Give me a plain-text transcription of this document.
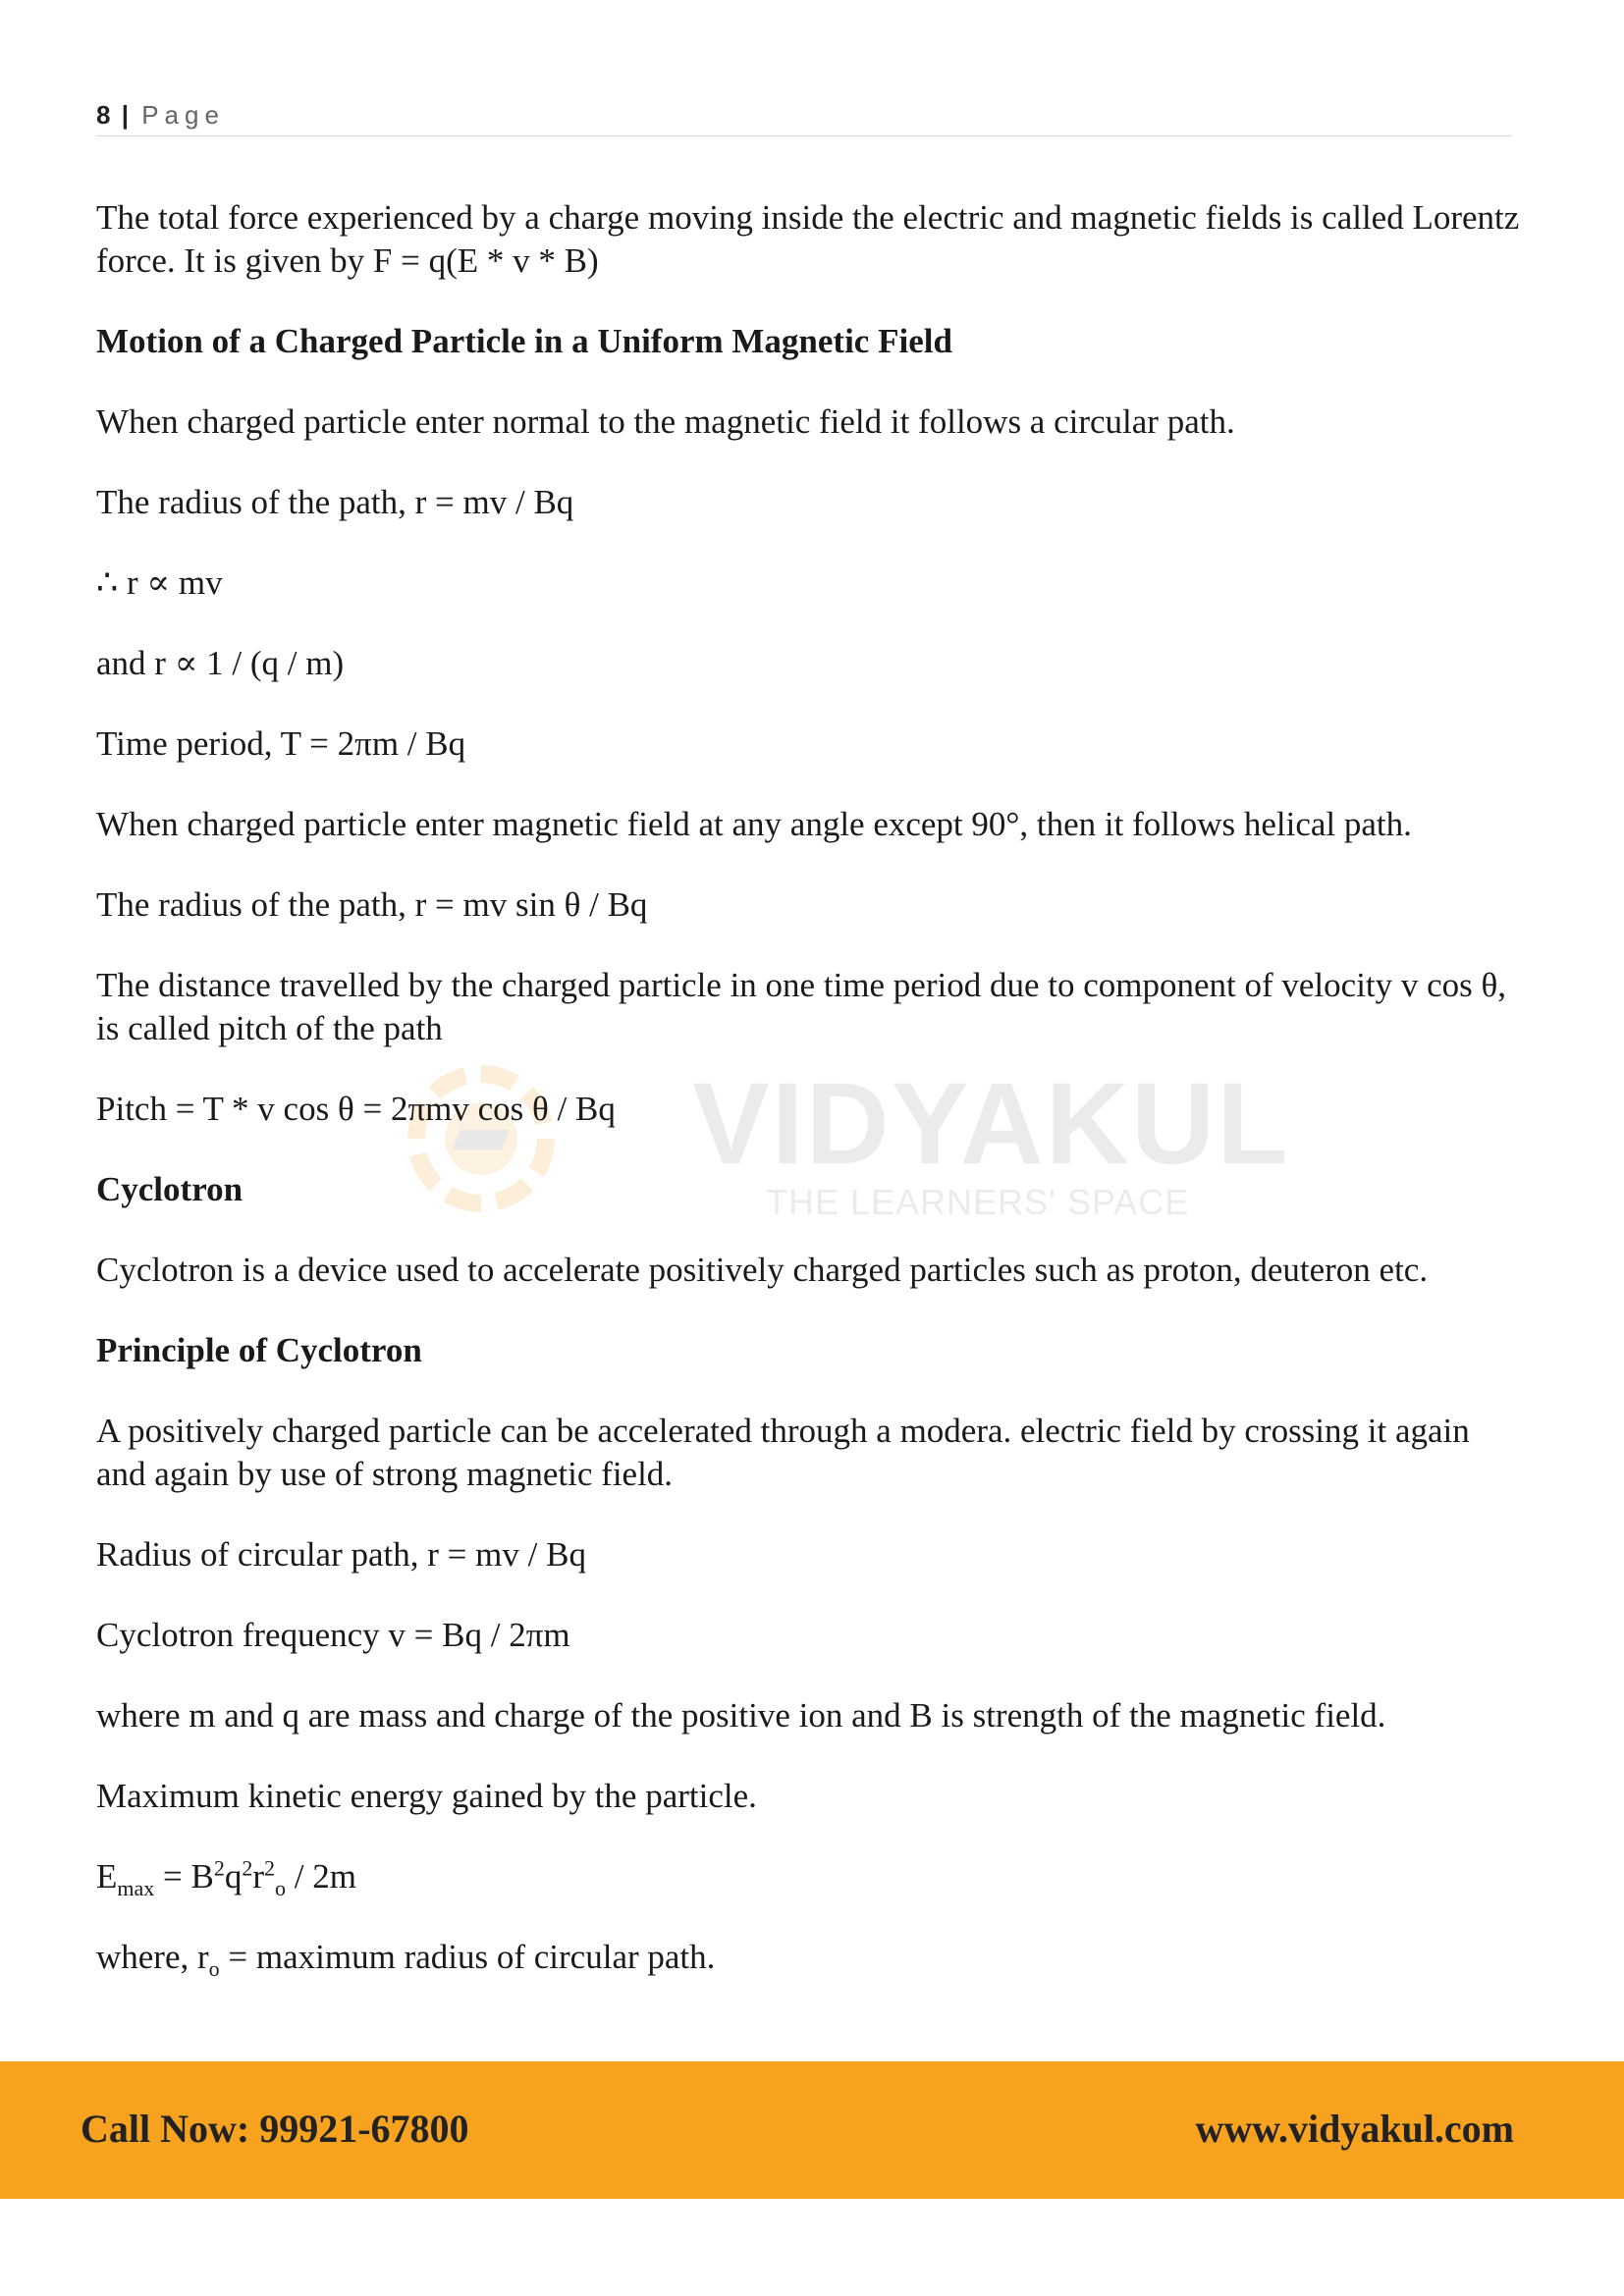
8 | Page
VIDYAKUL
THE LEARNERS' SPACE

The total force experienced by a charge moving inside the electric and magnetic fields is called Lorentz force. It is given by F = q(E * v * B)

Motion of a Charged Particle in a Uniform Magnetic Field

When charged particle enter normal to the magnetic field it follows a circular path.

The radius of the path, r = mv / Bq

∴ r ∝ mv

and r ∝ 1 / (q / m)

Time period, T = 2πm / Bq

When charged particle enter magnetic field at any angle except 90°, then it follows helical path.

The radius of the path, r = mv sin θ / Bq

The distance travelled by the charged particle in one time period due to component of velocity v cos θ, is called pitch of the path

Pitch = T * v cos θ = 2πmv cos θ / Bq

Cyclotron

Cyclotron is a device used to accelerate positively charged particles such as proton, deuteron etc.

Principle of Cyclotron

A positively charged particle can be accelerated through a modera. electric field by crossing it again and again by use of strong magnetic field.

Radius of circular path, r = mv / Bq

Cyclotron frequency v = Bq / 2πm

where m and q are mass and charge of the positive ion and B is strength of the magnetic field.

Maximum kinetic energy gained by the particle.

$E_{max} = B^2q^2r^2_o / 2m$

where, $r_o$ = maximum radius of circular path.

Call Now: 99921-67800	www.vidyakul.com
